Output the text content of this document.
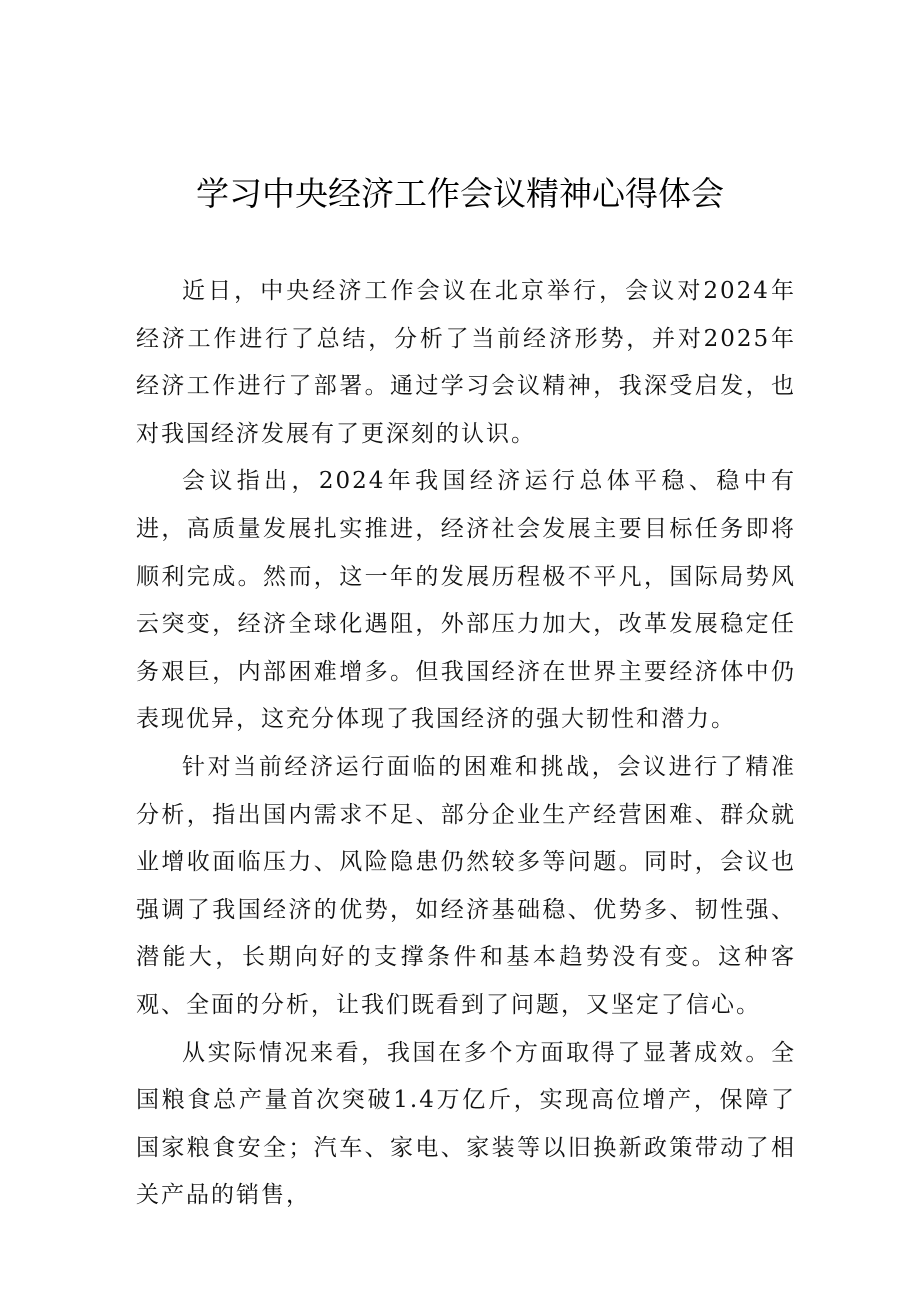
学习中央经济工作会议精神心得体会

近日，中央经济工作会议在北京举行，会议对2024年经济工作进行了总结，分析了当前经济形势，并对2025年经济工作进行了部署。通过学习会议精神，我深受启发，也对我国经济发展有了更深刻的认识。

会议指出，2024年我国经济运行总体平稳、稳中有进，高质量发展扎实推进，经济社会发展主要目标任务即将顺利完成。然而，这一年的发展历程极不平凡，国际局势风云突变，经济全球化遇阻，外部压力加大，改革发展稳定任务艰巨，内部困难增多。但我国经济在世界主要经济体中仍表现优异，这充分体现了我国经济的强大韧性和潜力。

针对当前经济运行面临的困难和挑战，会议进行了精准分析，指出国内需求不足、部分企业生产经营困难、群众就业增收面临压力、风险隐患仍然较多等问题。同时，会议也强调了我国经济的优势，如经济基础稳、优势多、韧性强、潜能大，长期向好的支撑条件和基本趋势没有变。这种客观、全面的分析，让我们既看到了问题，又坚定了信心。

从实际情况来看，我国在多个方面取得了显著成效。全国粮食总产量首次突破1.4万亿斤，实现高位增产，保障了国家粮食安全；汽车、家电、家装等以旧换新政策带动了相关产品的销售，
